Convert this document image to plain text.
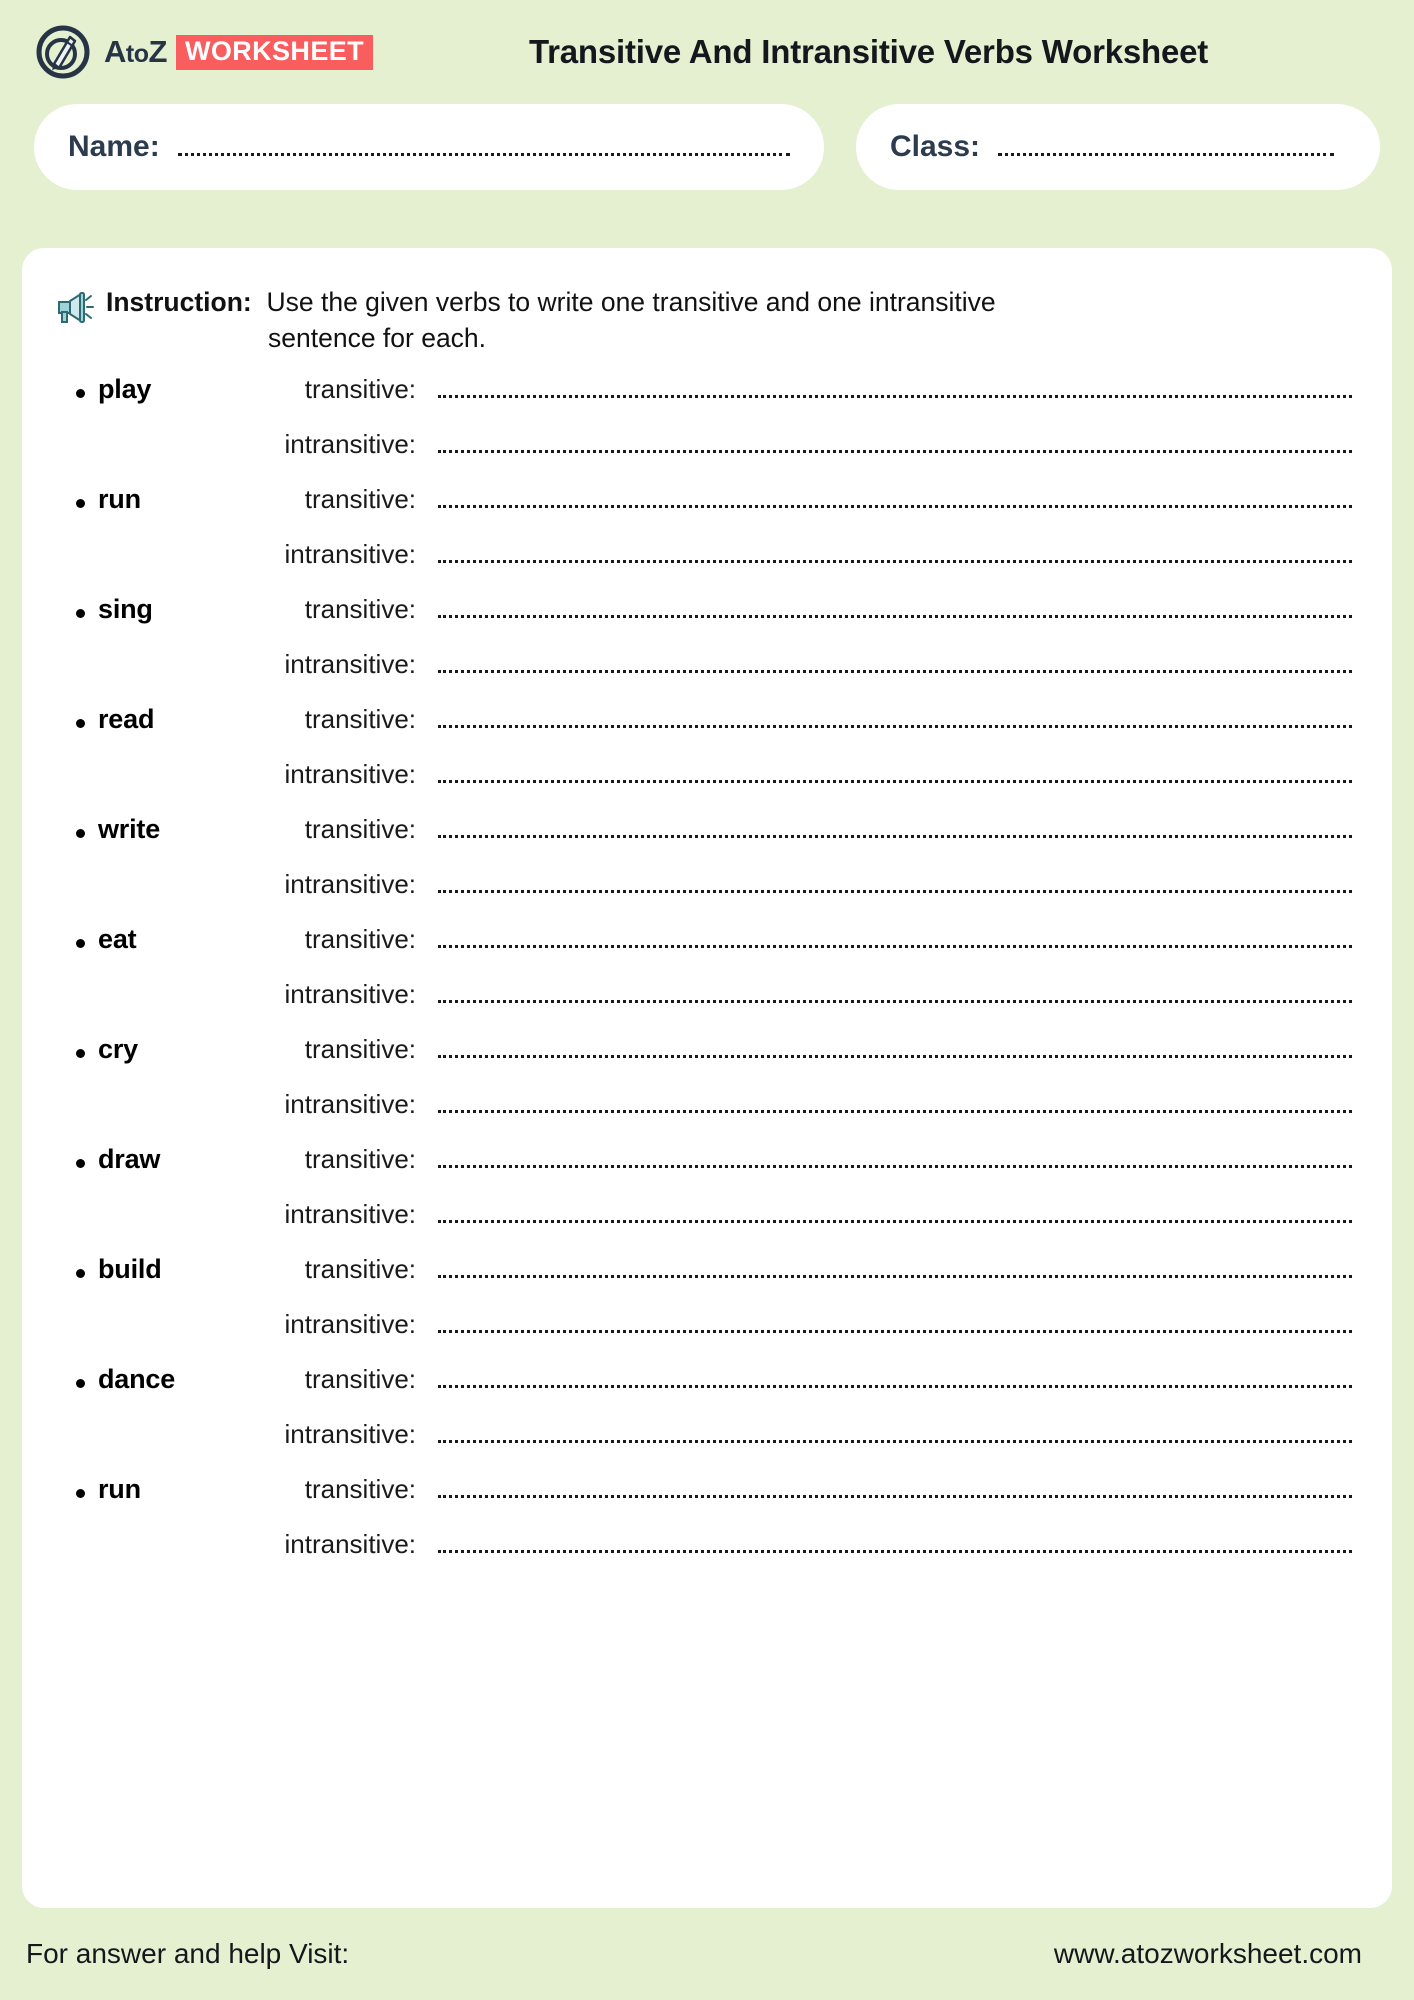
AtoZ WORKSHEET	Transitive And Intransitive Verbs Worksheet
Name:	Class:
Instruction: Use the given verbs to write one transitive and one intransitive
sentence for each.
play	transitive:
intransitive:
run	transitive:
intransitive:
sing	transitive:
intransitive:
read	transitive:
intransitive:
write	transitive:
intransitive:
eat	transitive:
intransitive:
cry	transitive:
intransitive:
draw	transitive:
intransitive:
build	transitive:
intransitive:
dance	transitive:
intransitive:
run	transitive:
intransitive:
For answer and help Visit:	www.atozworksheet.com
